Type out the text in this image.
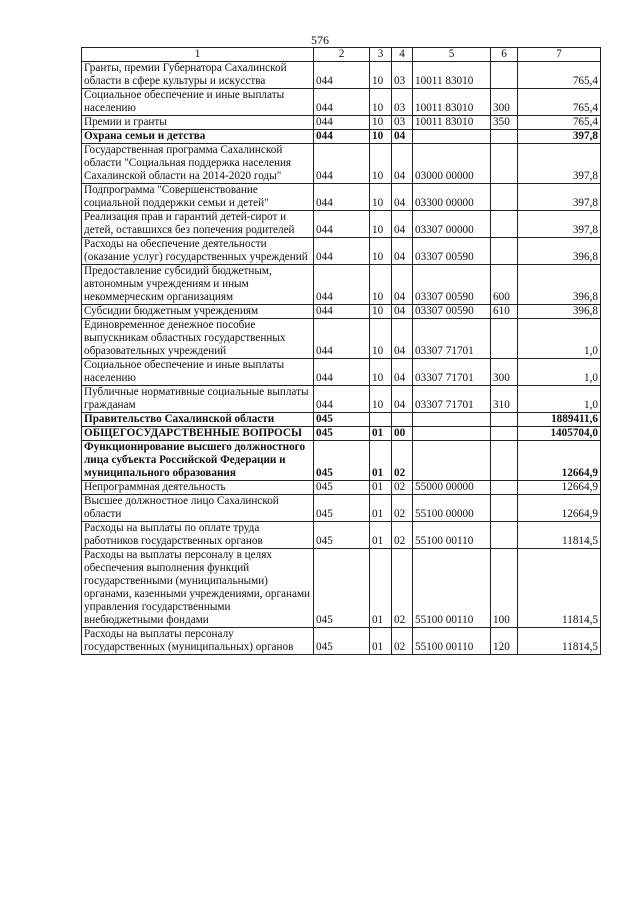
576
1	2	3	4	5	6	7
Гранты, премии Губернатора Сахалинской области в сфере культуры и искусства	044	10	03	10011 83010		765,4
Социальное обеспечение и иные выплаты населению	044	10	03	10011 83010	300	765,4
Премии и гранты	044	10	03	10011 83010	350	765,4
Охрана семьи и детства	044	10	04			397,8
Государственная программа Сахалинской области "Социальная поддержка населения Сахалинской области на 2014-2020 годы"	044	10	04	03000 00000		397,8
Подпрограмма "Совершенствование социальной поддержки семьи и детей"	044	10	04	03300 00000		397,8
Реализация прав и гарантий детей-сирот и детей, оставшихся без попечения родителей	044	10	04	03307 00000		397,8
Расходы на обеспечение деятельности (оказание услуг) государственных учреждений	044	10	04	03307 00590		396,8
Предоставление субсидий бюджетным, автономным учреждениям и иным некоммерческим организациям	044	10	04	03307 00590	600	396,8
Субсидии бюджетным учреждениям	044	10	04	03307 00590	610	396,8
Единовременное денежное пособие выпускникам областных государственных образовательных учреждений	044	10	04	03307 71701		1,0
Социальное обеспечение и иные выплаты населению	044	10	04	03307 71701	300	1,0
Публичные нормативные социальные выплаты гражданам	044	10	04	03307 71701	310	1,0
Правительство Сахалинской области	045					1889411,6
ОБЩЕГОСУДАРСТВЕННЫЕ ВОПРОСЫ	045	01	00			1405704,0
Функционирование высшего должностного лица субъекта Российской Федерации и муниципального образования	045	01	02			12664,9
Непрограммная деятельность	045	01	02	55000 00000		12664,9
Высшее должностное лицо Сахалинской области	045	01	02	55100 00000		12664,9
Расходы на выплаты по оплате труда работников государственных органов	045	01	02	55100 00110		11814,5
Расходы на выплаты персоналу в целях обеспечения выполнения функций государственными (муниципальными) органами, казенными учреждениями, органами управления государственными внебюджетными фондами	045	01	02	55100 00110	100	11814,5
Расходы на выплаты персоналу государственных (муниципальных) органов	045	01	02	55100 00110	120	11814,5
